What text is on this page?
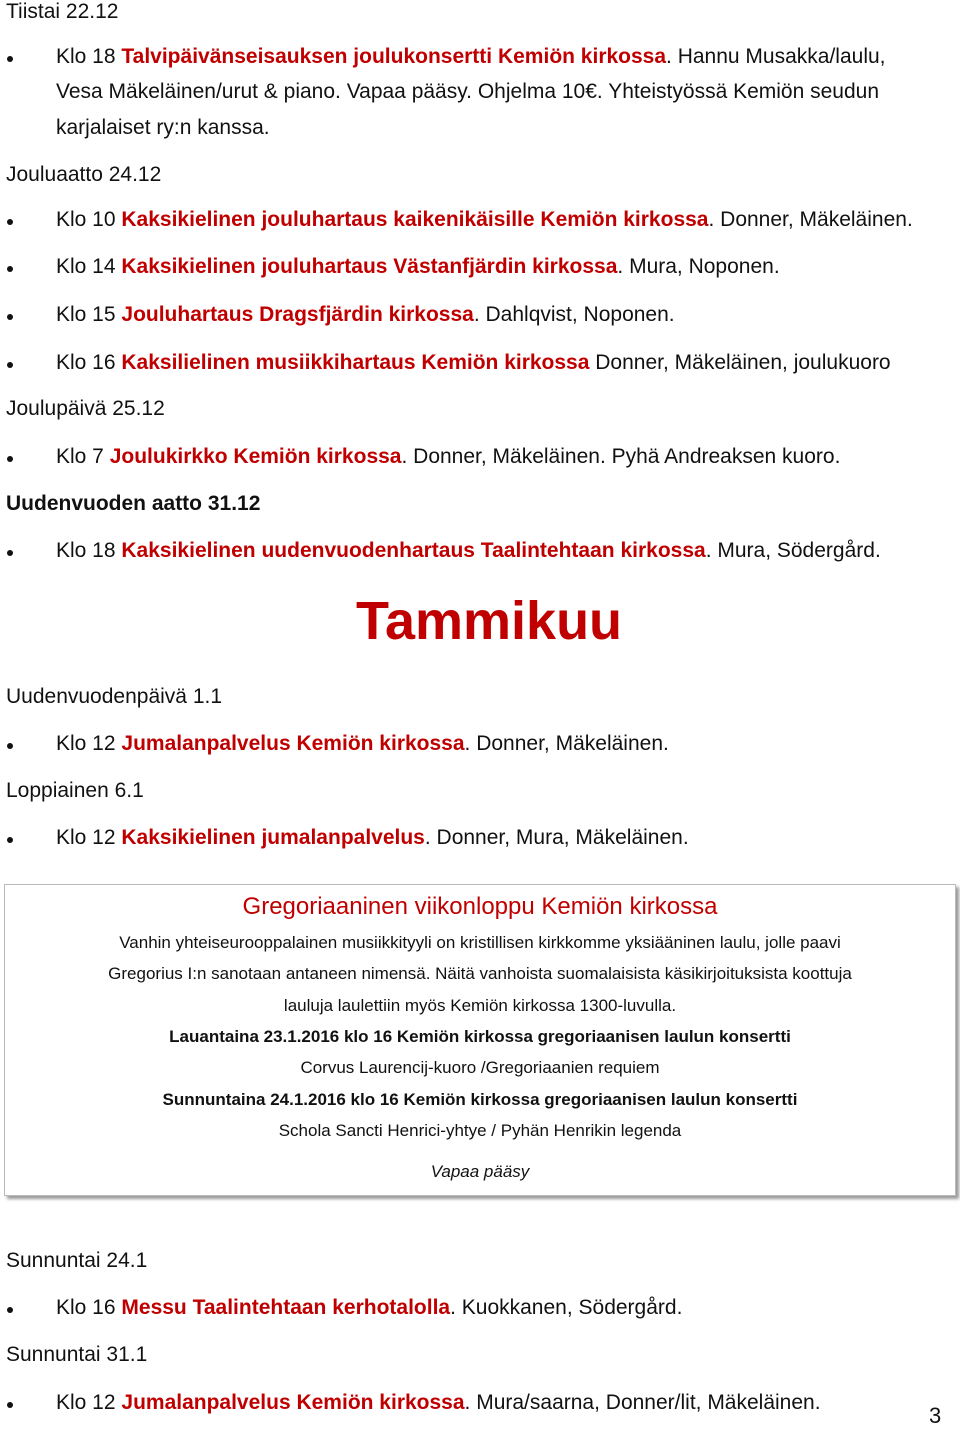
Tiistai 22.12
Klo 18 Talvipäivänseisauksen joulukonsertti Kemiön kirkossa. Hannu Musakka/laulu,
Vesa Mäkeläinen/urut & piano. Vapaa pääsy. Ohjelma 10€. Yhteistyössä Kemiön seudun
karjalaiset ry:n kanssa.
Jouluaatto 24.12
Klo 10 Kaksikielinen jouluhartaus kaikenikäisille Kemiön kirkossa. Donner, Mäkeläinen.
Klo 14 Kaksikielinen jouluhartaus Västanfjärdin kirkossa. Mura, Noponen.
Klo 15 Jouluhartaus Dragsfjärdin kirkossa. Dahlqvist, Noponen.
Klo 16 Kaksilielinen musiikkihartaus Kemiön kirkossa Donner, Mäkeläinen, joulukuoro
Joulupäivä 25.12
Klo 7 Joulukirkko Kemiön kirkossa. Donner, Mäkeläinen. Pyhä Andreaksen kuoro.
Uudenvuoden aatto 31.12
Klo 18 Kaksikielinen uudenvuodenhartaus Taalintehtaan kirkossa. Mura, Södergård.
Tammikuu
Uudenvuodenpäivä 1.1
Klo 12 Jumalanpalvelus Kemiön kirkossa. Donner, Mäkeläinen.
Loppiainen 6.1
Klo 12 Kaksikielinen jumalanpalvelus. Donner, Mura, Mäkeläinen.
Gregoriaaninen viikonloppu Kemiön kirkossa
Vanhin yhteiseurooppalainen musiikkityyli on kristillisen kirkkomme yksiääninen laulu, jolle paavi
Gregorius I:n sanotaan antaneen nimensä. Näitä vanhoista suomalaisista käsikirjoituksista koottuja
lauluja laulettiin myös Kemiön kirkossa 1300-luvulla.
Lauantaina 23.1.2016 klo 16 Kemiön kirkossa gregoriaanisen laulun konsertti
Corvus Laurencij-kuoro /Gregoriaanien requiem
Sunnuntaina 24.1.2016 klo 16 Kemiön kirkossa gregoriaanisen laulun konsertti
Schola Sancti Henrici-yhtye / Pyhän Henrikin legenda
Vapaa pääsy
Sunnuntai 24.1
Klo 16 Messu Taalintehtaan kerhotalolla. Kuokkanen, Södergård.
Sunnuntai 31.1
Klo 12 Jumalanpalvelus Kemiön kirkossa. Mura/saarna, Donner/lit, Mäkeläinen.
3
